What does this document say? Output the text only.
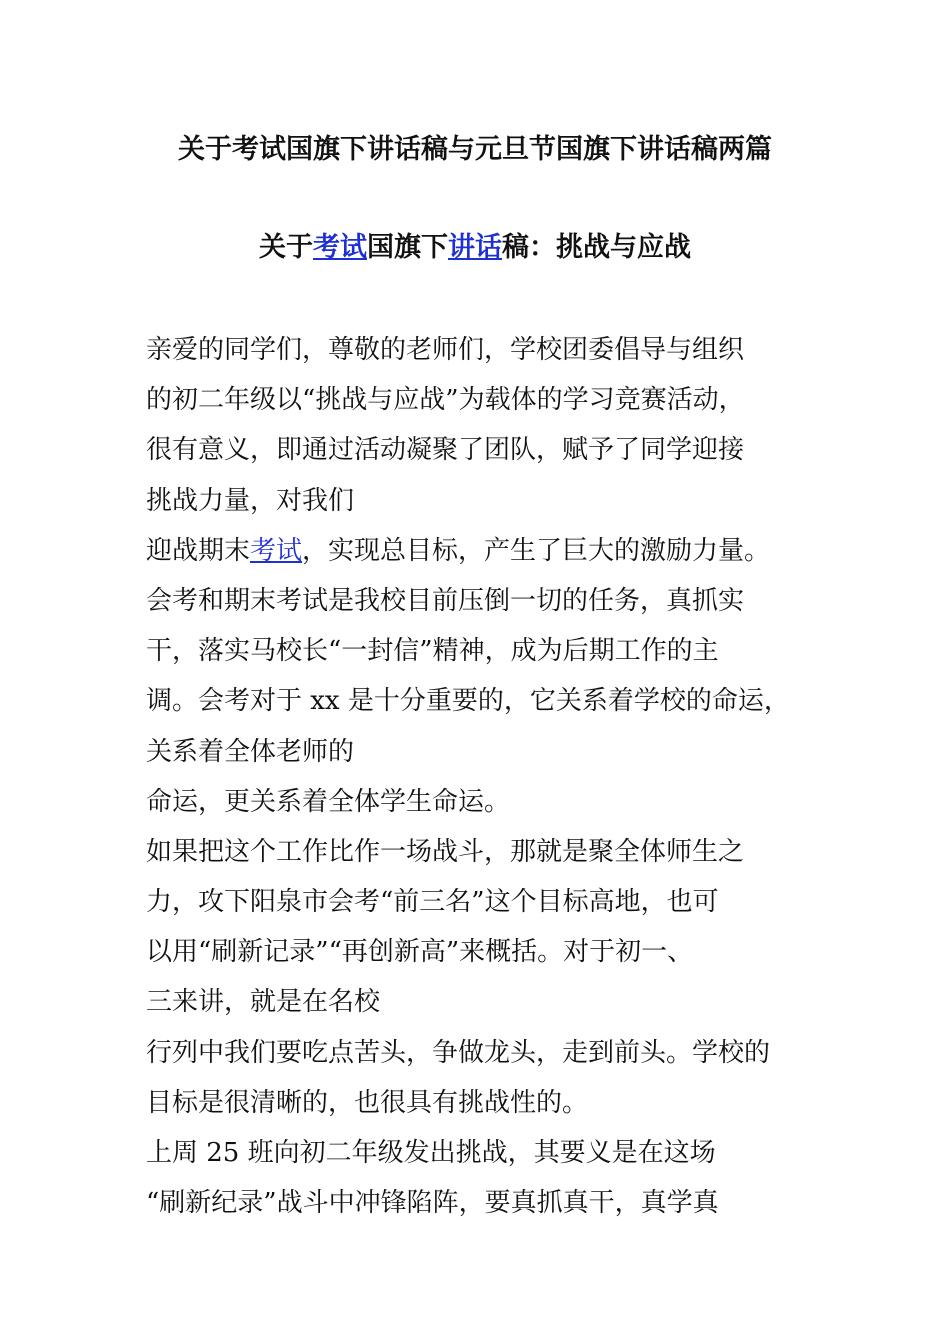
关于考试国旗下讲话稿与元旦节国旗下讲话稿两篇
关于考试国旗下讲话稿：挑战与应战
亲爱的同学们，尊敬的老师们，学校团委倡导与组织
的初二年级以“挑战与应战”为载体的学习竞赛活动，
很有意义，即通过活动凝聚了团队，赋予了同学迎接
挑战力量，对我们
迎战期末考试，实现总目标，产生了巨大的激励力量。
会考和期末考试是我校目前压倒一切的任务，真抓实
干，落实马校长“一封信”精神，成为后期工作的主
调。会考对于 xx 是十分重要的，它关系着学校的命运，
关系着全体老师的
命运，更关系着全体学生命运。
如果把这个工作比作一场战斗，那就是聚全体师生之
力，攻下阳泉市会考“前三名”这个目标高地，也可
以用“刷新记录”“再创新高”来概括。对于初一、
三来讲，就是在名校
行列中我们要吃点苦头，争做龙头，走到前头。学校的
目标是很清晰的，也很具有挑战性的。
上周 25 班向初二年级发出挑战，其要义是在这场
“刷新纪录”战斗中冲锋陷阵，要真抓真干，真学真
